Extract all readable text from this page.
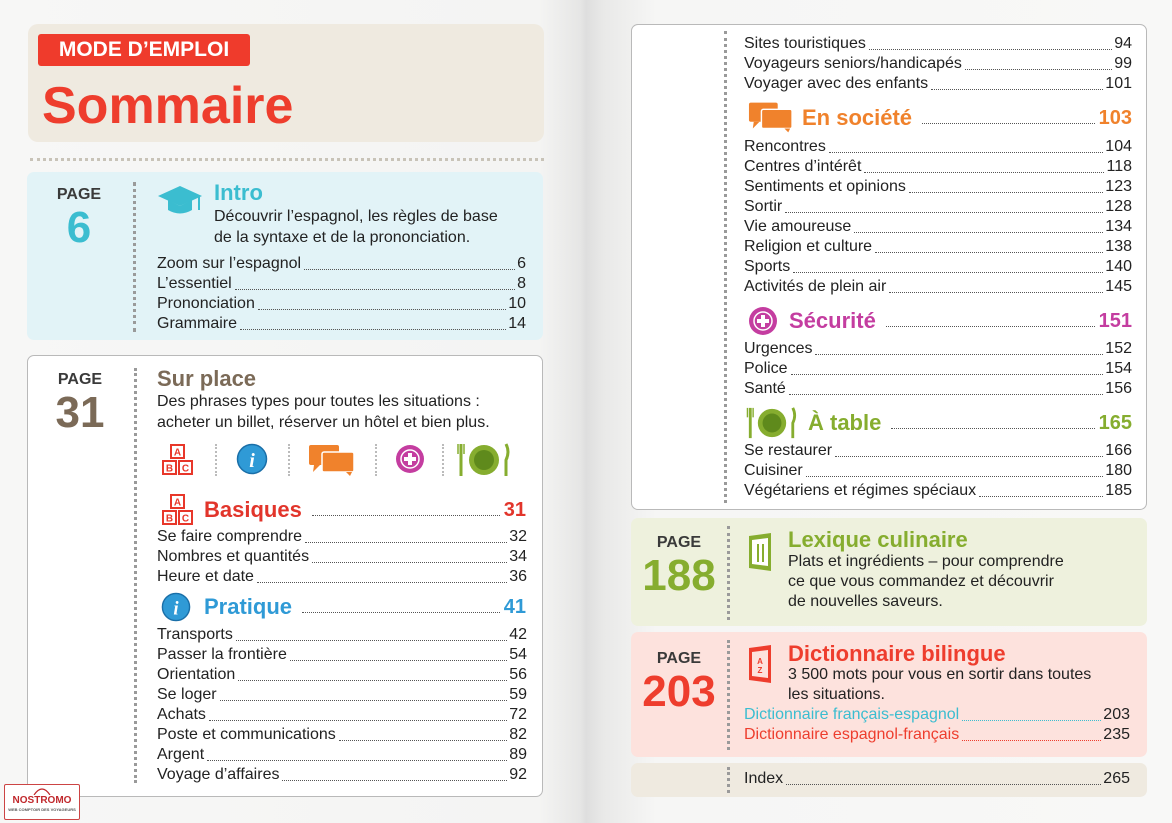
MODE D’EMPLOI
Sommaire
PAGE
6
Intro
Découvrir l’espagnol, les règles de base
de la syntaxe et de la prononciation.
Zoom sur l’espagnol	6
L’essentiel	8
Prononciation	10
Grammaire	14
PAGE
31
Sur place
Des phrases types pour toutes les situations :
acheter un billet, réserver un hôtel et bien plus.
A
B C	i
A
B C Basiques	31
Se faire comprendre	32
Nombres et quantités	34
Heure et date	36
i Pratique	41
Transports	42
Passer la frontière	54
Orientation	56
Se loger	59
Achats	72
Poste et communications	82
Argent	89
Voyage d’affaires	92
Sites touristiques	94
Voyageurs seniors/handicapés	99
Voyager avec des enfants	101
En société	103
Rencontres	104
Centres d’intérêt	118
Sentiments et opinions	123
Sortir	128
Vie amoureuse	134
Religion et culture	138
Sports	140
Activités de plein air	145
Sécurité	151
Urgences	152
Police	154
Santé	156
À table	165
Se restaurer	166
Cuisiner	180
Végétariens et régimes spéciaux	185
PAGE
188
Lexique culinaire
Plats et ingrédients – pour comprendre
ce que vous commandez et découvrir
de nouvelles saveurs.
PAGE
203
A
Z
Dictionnaire bilingue
3 500 mots pour vous en sortir dans toutes
les situations.
Dictionnaire français-espagnol	203
Dictionnaire espagnol-français	235
Index	265
NOSTROMO
WEB COMPTOIR DES VOYAGEURS
